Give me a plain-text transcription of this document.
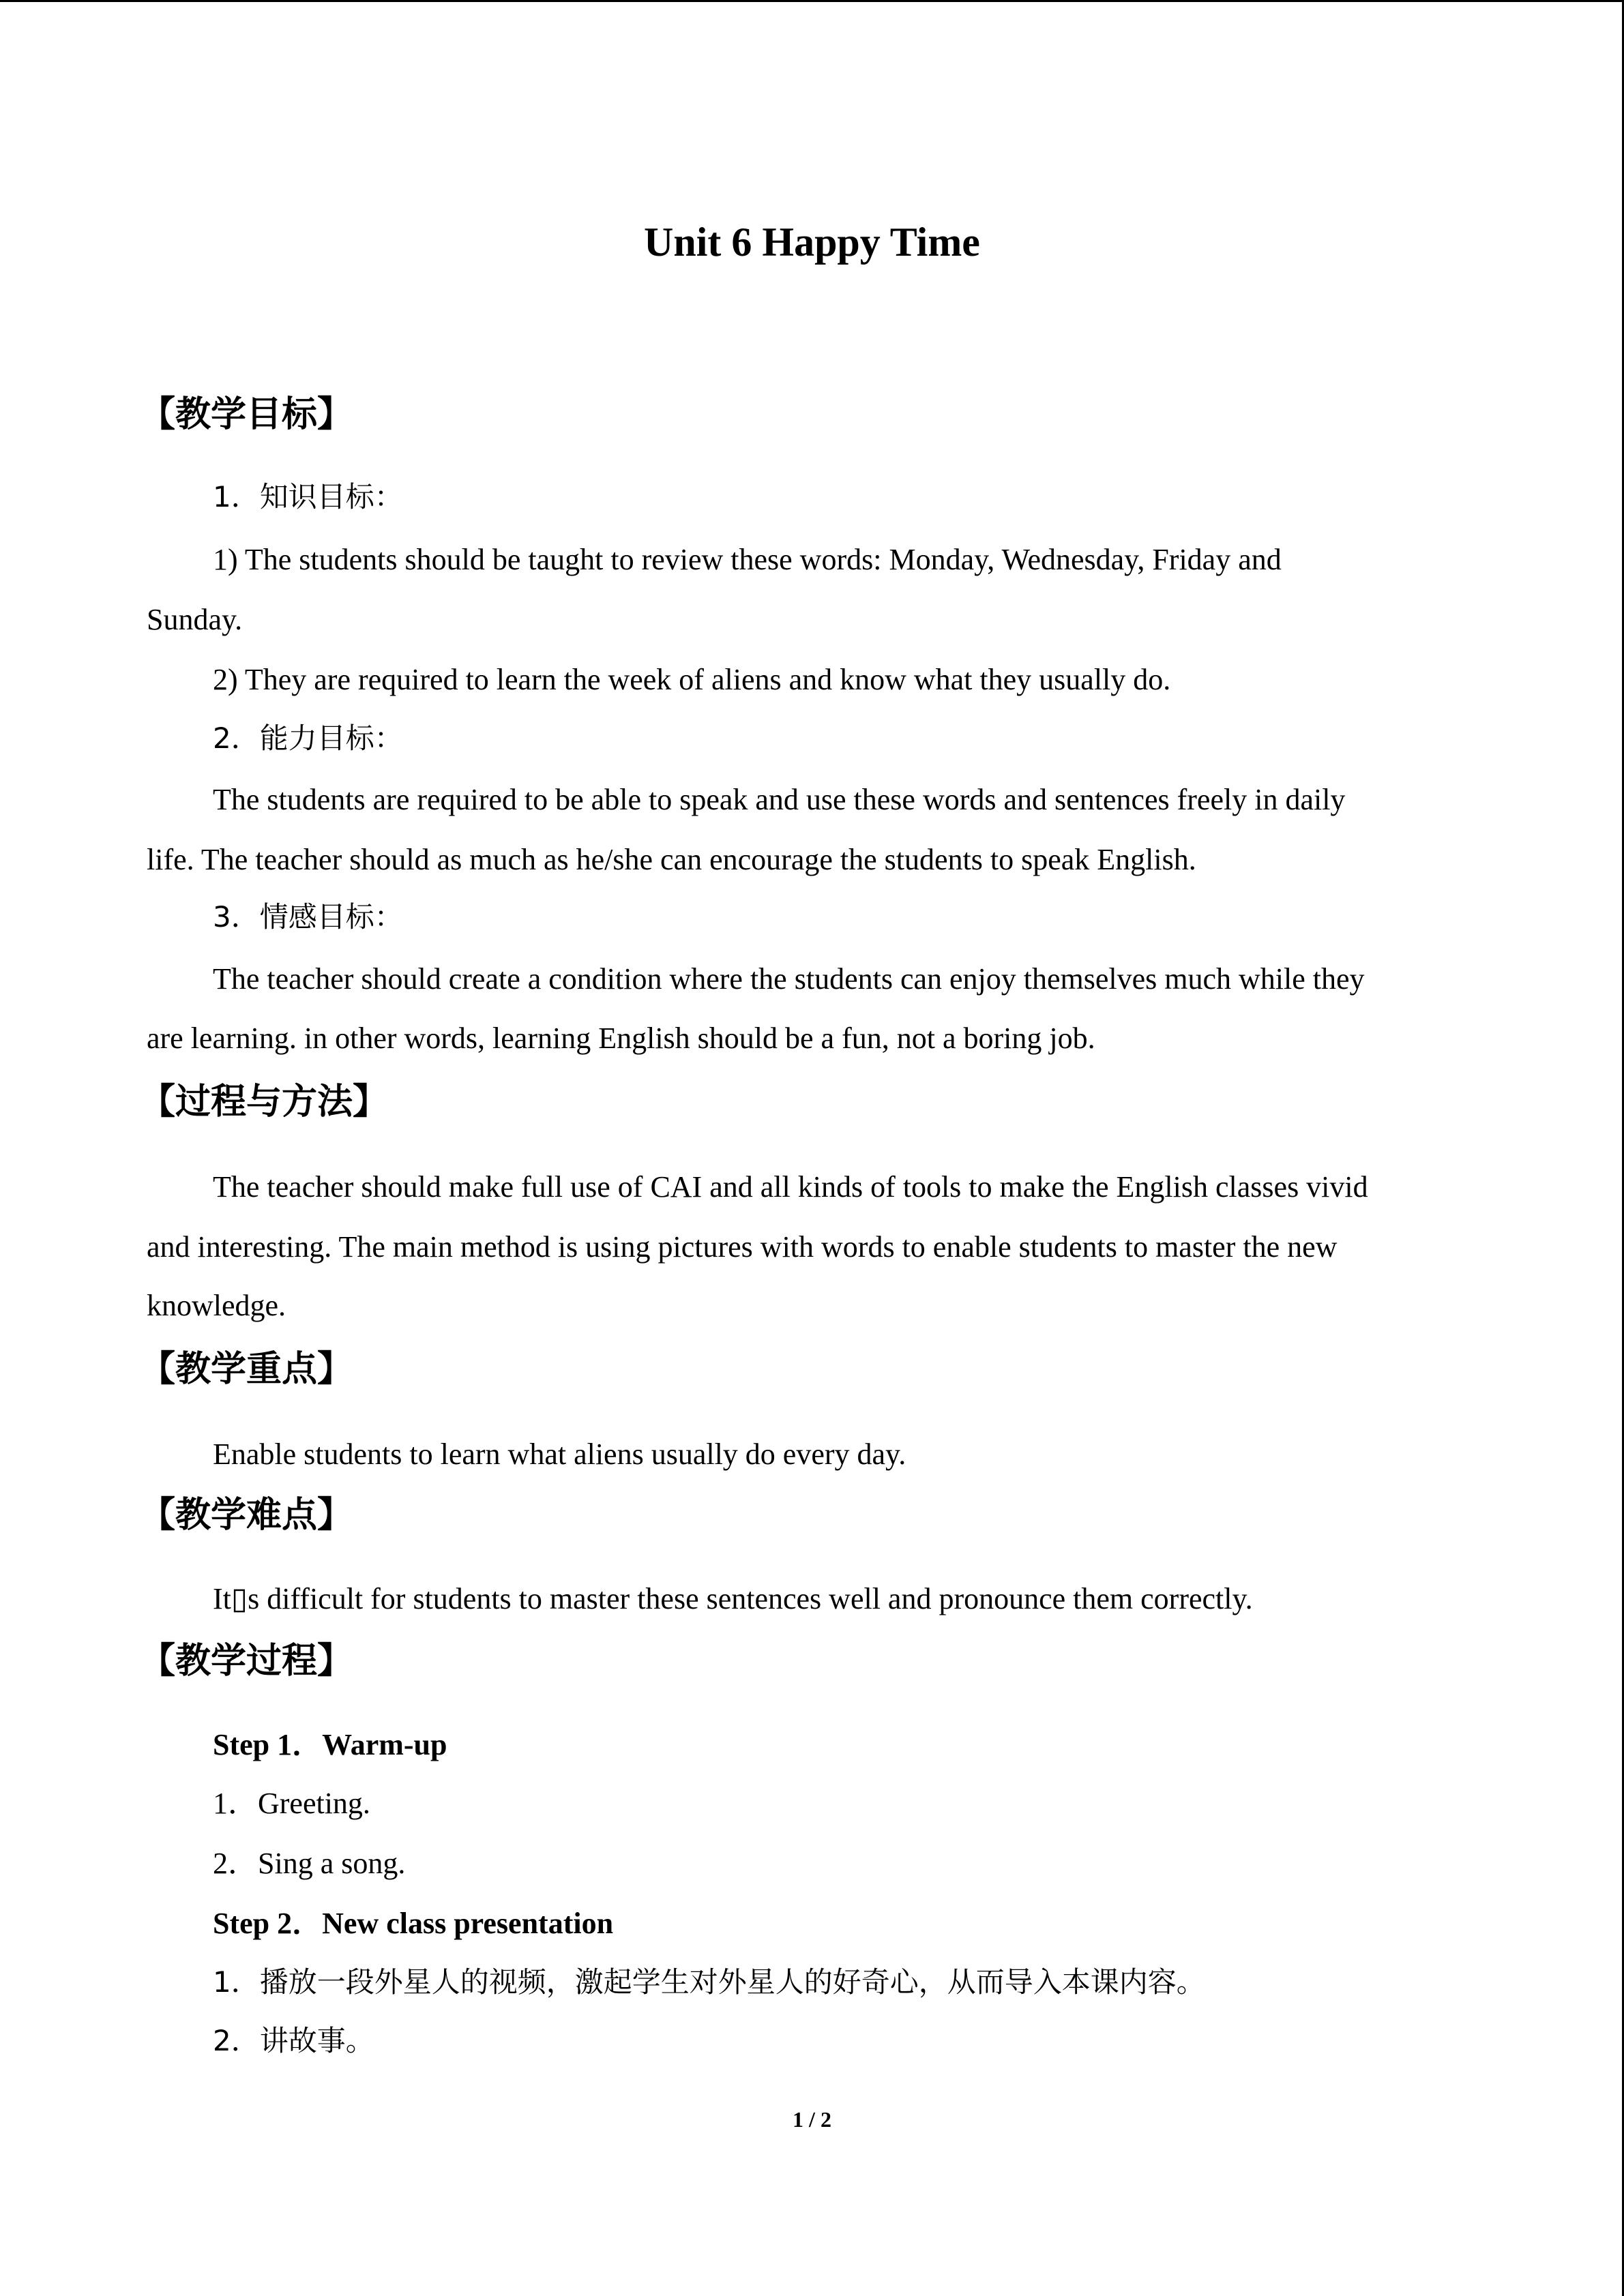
Unit 6 Happy Time
【教学目标】
1．知识目标：
1) The students should be taught to review these words: Monday, Wednesday, Friday and
Sunday.
2) They are required to learn the week of aliens and know what they usually do.
2．能力目标：
The students are required to be able to speak and use these words and sentences freely in daily
life. The teacher should as much as he/she can encourage the students to speak English.
3．情感目标：
The teacher should create a condition where the students can enjoy themselves much while they
are learning. in other words, learning English should be a fun, not a boring job.
【过程与方法】
The teacher should make full use of CAI and all kinds of tools to make the English classes vivid
and interesting. The main method is using pictures with words to enable students to master the new
knowledge.
【教学重点】
Enable students to learn what aliens usually do every day.
【教学难点】
It▯s difficult for students to master these sentences well and pronounce them correctly.
【教学过程】
Step 1．Warm-up
1．Greeting.
2．Sing a song.
Step 2．New class presentation
1．播放一段外星人的视频，激起学生对外星人的好奇心，从而导入本课内容。
2．讲故事。
1 / 2
